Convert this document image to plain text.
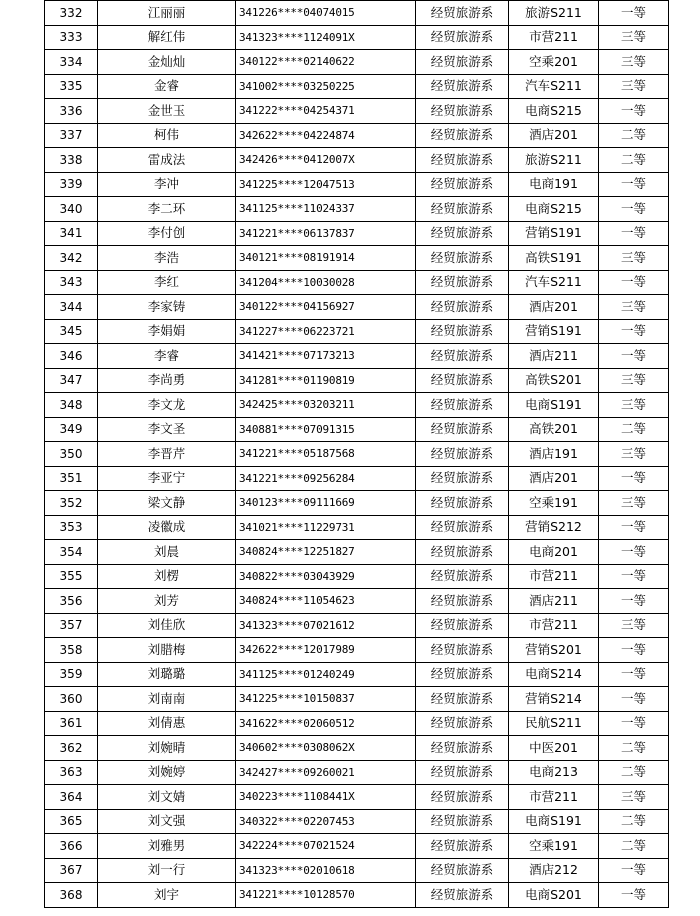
332	江丽丽	341226****04074015	经贸旅游系	旅游S211	一等
333	解红伟	341323****1124091X	经贸旅游系	市营211	三等
334	金灿灿	340122****02140622	经贸旅游系	空乘201	三等
335	金睿	341002****03250225	经贸旅游系	汽车S211	三等
336	金世玉	341222****04254371	经贸旅游系	电商S215	一等
337	柯伟	342622****04224874	经贸旅游系	酒店201	二等
338	雷成法	342426****0412007X	经贸旅游系	旅游S211	二等
339	李冲	341225****12047513	经贸旅游系	电商191	一等
340	李二环	341125****11024337	经贸旅游系	电商S215	一等
341	李付创	341221****06137837	经贸旅游系	营销S191	一等
342	李浩	340121****08191914	经贸旅游系	高铁S191	三等
343	李红	341204****10030028	经贸旅游系	汽车S211	一等
344	李家铸	340122****04156927	经贸旅游系	酒店201	三等
345	李娟娟	341227****06223721	经贸旅游系	营销S191	一等
346	李睿	341421****07173213	经贸旅游系	酒店211	一等
347	李尚勇	341281****01190819	经贸旅游系	高铁S201	三等
348	李文龙	342425****03203211	经贸旅游系	电商S191	三等
349	李文圣	340881****07091315	经贸旅游系	高铁201	二等
350	李晋芹	341221****05187568	经贸旅游系	酒店191	三等
351	李亚宁	341221****09256284	经贸旅游系	酒店201	一等
352	梁文静	340123****09111669	经贸旅游系	空乘191	三等
353	凌徽成	341021****11229731	经贸旅游系	营销S212	一等
354	刘晨	340824****12251827	经贸旅游系	电商201	一等
355	刘楞	340822****03043929	经贸旅游系	市营211	一等
356	刘芳	340824****11054623	经贸旅游系	酒店211	一等
357	刘佳欣	341323****07021612	经贸旅游系	市营211	三等
358	刘腊梅	342622****12017989	经贸旅游系	营销S201	一等
359	刘璐璐	341125****01240249	经贸旅游系	电商S214	一等
360	刘南南	341225****10150837	经贸旅游系	营销S214	一等
361	刘倩惠	341622****02060512	经贸旅游系	民航S211	一等
362	刘婉晴	340602****0308062X	经贸旅游系	中医201	二等
363	刘婉婷	342427****09260021	经贸旅游系	电商213	二等
364	刘文婧	340223****1108441X	经贸旅游系	市营211	三等
365	刘文强	340322****02207453	经贸旅游系	电商S191	二等
366	刘雅男	342224****07021524	经贸旅游系	空乘191	二等
367	刘一行	341323****02010618	经贸旅游系	酒店212	一等
368	刘宇	341221****10128570	经贸旅游系	电商S201	一等
